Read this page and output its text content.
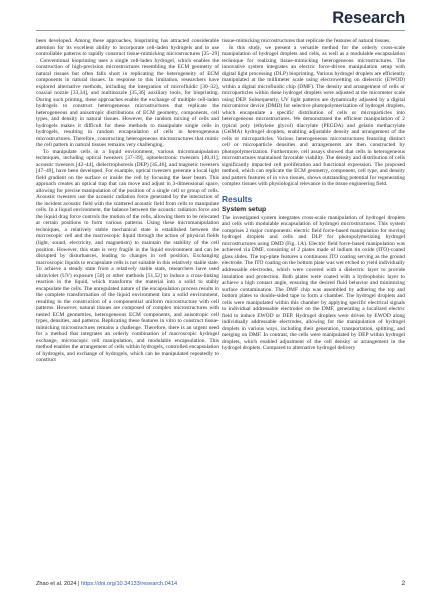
Research

been developed. Among these approaches, bioprinting has attracted considerable attention for its excellent ability to incorporate cell-laden hydrogels and to use controllable patterns to rapidly construct tissue-mimicking microstructures [25–29] . Conventional bioprinting uses a single cell-laden hydrogel, which enables the construction of high-precision microstructures resembling the ECM geometry of natural tissues but often falls short in replicating the heterogeneity of ECM components in natural tissues. In response to this limitation, researchers have explored alternative methods, including the integration of microfluidic [30–32], coaxial nozzle [33,34], and multinozzle [35,36] auxiliary tools, for bioprinting. During such printing, these approaches enable the exchange of multiple cell-laden hydrogels to construct heterogeneous microstructures that replicate the heterogeneous and anisotropic distributions of ECM geometry, components, cell types, and density in natural tissues. However, the random mixing of cells and hydrogels makes it difficult for these methods to manipulate single cells in hydrogels, resulting in random encapsulation of cells in heterogeneous microstructures. Therefore, constructing heterogeneous microstructures that mimic the cell pattern in natural tissues remains very challenging.

To manipulate cells in a liquid environment, various micromanipulation techniques, including optical tweezers [37–39], optoelectronic tweezers [40,41], acoustic tweezers [42–44], dielectrophoresis (DEP) [45,46], and magnetic tweezers [47–49], have been developed. For example, optical tweezers generate a local light field gradient on the surface or inside the cell by focusing the laser beam. This approach creates an optical trap that can move and adjust in 3-dimensional space, allowing for precise manipulation of the position of a single cell or group of cells. Acoustic tweezers use the acoustic radiation force generated by the interaction of the incident acoustic field with the scattered acoustic field from cells to manipulate cells. In a liquid environment, the balance between the acoustic radiation force and the liquid drag force controls the motion of the cells, allowing them to be relocated at certain positions to form various patterns. Using these micromanipulation techniques, a relatively stable mechanical state is established between the microscopic cell and the macroscopic liquid through the action of physical fields (light, sound, electricity, and magnetism) to maintain the stability of the cell position. However, this state is very fragile in the liquid environment and can be disrupted by disturbances, leading to changes in cell position. Exchanging macroscopic liquids to encapsulate cells is not suitable in this relatively stable state. To achieve a steady state from a relatively stable state, researchers have used ultraviolet (UV) exposure [50] or other methods [51,52] to induce a cross-linking reaction in the liquid, which transforms the material into a solid to stably encapsulate the cells. The unregulated nature of the encapsulation process results in the complete transformation of the liquid environment into a solid environment, resulting in the construction of a componential uniform microstructure with cell patterns. However, natural tissues are composed of complex microstructures with nested ECM geometries, heterogeneous ECM components, and anisotropic cell types, densities, and patterns. Replicating these features in vitro to construct tissue-mimicking microstructures remains a challenge. Therefore, there is an urgent need for a method that integrates an orderly combination of macroscopic hydrogel exchange, microscopic cell manipulation, and modulable encapsulation. This method enables the arrangement of cells within hydrogels, controlled encapsulation of hydrogels, and exchange of hydrogels, which can be manipulated repeatedly to construct

tissue-mimicking microstructures that replicate the features of natural tissues.

In this study, we present a versatile method for the orderly cross-scale manipulation of hydrogel droplets and cells, as well as a modulable encapsulation technique for realizing tissue-mimicking heterogeneous microstructures. The innovative system integrates an electric force-driven manipulation setup with digital light processing (DLP) bioprinting. Various hydrogel droplets are efficiently manipulated at the millimeter scale using electrowetting on dielectric (EWOD) within a digital microfluidic chip (DMF). The density and arrangement of cells or microparticles within these hydrogel droplets were adjusted at the micometer scale using DEP. Subsequently, UV light patterns are dynamically adjusted by a digital micromirror device (DMD) for selective photopolymerization of hydrogel droplets, which encapsulate a specific distribution of cells or microparticles into heterogeneous microstructures. We demonstrated the efficient manipulation of 2 typical poly (ethylene glycol) diacrylate (PEGDA) and gelatin methacrylate (GelMA) hydrogel droplets, enabling adjustable density and arrangement of the cells or microparticles. Various heterogeneous microstructures featuring distinct cell or microparticle densities and arrangements are then constructed by photopolymerization. Furthermore, cell assays showed that cells in heterogeneous microstructures maintained favorable viability. The density and distribution of cells significantly impacted cell proliferation and functional expression. The proposed method, which can replicate the ECM geometry, component, cell type, and density and pattern features of in vivo tissues, shows outstanding potential for regenerating complex tissues with physiological relevance in the tissue engineering field.

Results
System setup

The investigated system integrates cross-scale manipulation of hydrogel droplets and cells with modulable encapsulation of hydrogel microstructures. This system comprises 2 major components: electric field force-based manipulation for moving hydrogel droplets and cells and DLP for photopolymerizing hydrogel microstructures using DMD (Fig. 1A). Electric field force-based manipulation was achieved via DMF, consisting of 2 plates made of indium tin oxide (ITO)-coated glass slides. The top-plate features a continuous ITO coating serving as the ground electrode. The ITO coating on the bottom plate was wet etched to yield individually addressable electrodes, which were covered with a dielectric layer to provide insulation and protection. Both plates were coated with a hydrophobic layer to achieve a high contact angle, ensuring the desired fluid behavior and minimizing surface contamination. The DMF chip was assembled by adhering the top and bottom plates to double-sided tape to form a chamber. The hydrogel droplets and cells were manipulated within this chamber by applying specific electrical signals to individual addressable electrodes on the DMF, generating a localized electric field to induce EWOD or DEP. Hydrogel droplets were driven by EWOD along individually addressable electrodes, allowing for the manipulation of hydrogel droplets in various ways, including their generation, transportation, splitting, and merging on DMF. In contrast, the cells were manipulated by DEP within hydrogel droplets, which enabled adjustment of the cell density or arrangement in the hydrogel droplets. Compared to alternative hydrogel delivery

Zhao et al. 2024 | https://doi.org/10.34133/research.0414	2
